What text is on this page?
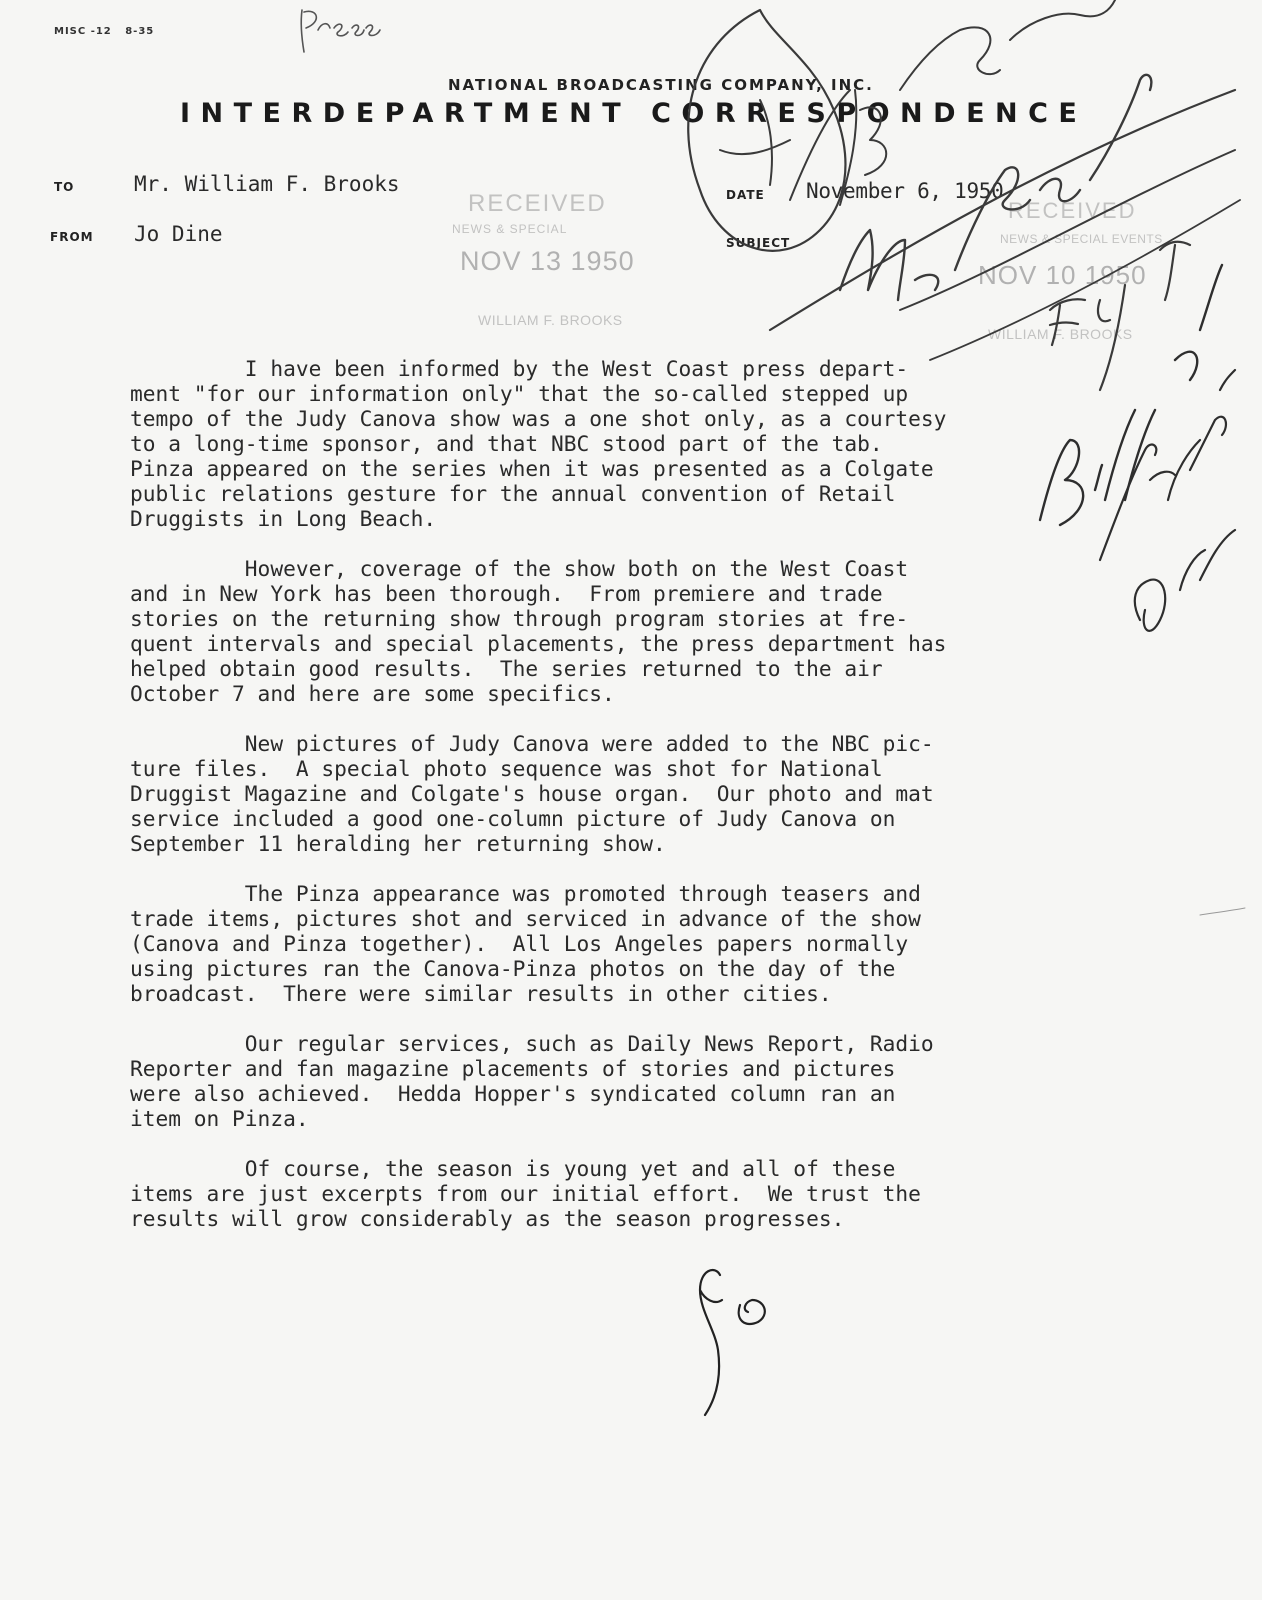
MISC -12   8-35
NATIONAL BROADCASTING COMPANY, INC.
INTERDEPARTMENT CORRESPONDENCE
TO	Mr. William F. Brooks
FROM Jo Dine
DATE November 6, 1950
SUBJECT
RECEIVED
NEWS & SPECIAL
NOV 13 1950
WILLIAM F. BROOKS
RECEIVED
NEWS & SPECIAL EVENTS
NOV 10 1950
WILLIAM F. BROOKS

I have been informed by the West Coast press depart-
ment "for our information only" that the so-called stepped up
tempo of the Judy Canova show was a one shot only, as a courtesy
to a long-time sponsor, and that NBC stood part of the tab.
Pinza appeared on the series when it was presented as a Colgate
public relations gesture for the annual convention of Retail
Druggists in Long Beach.

However, coverage of the show both on the West Coast
and in New York has been thorough.  From premiere and trade
stories on the returning show through program stories at fre-
quent intervals and special placements, the press department has
helped obtain good results.  The series returned to the air
October 7 and here are some specifics.

New pictures of Judy Canova were added to the NBC pic-
ture files.  A special photo sequence was shot for National
Druggist Magazine and Colgate's house organ.  Our photo and mat
service included a good one-column picture of Judy Canova on
September 11 heralding her returning show.

The Pinza appearance was promoted through teasers and
trade items, pictures shot and serviced in advance of the show
(Canova and Pinza together).  All Los Angeles papers normally
using pictures ran the Canova-Pinza photos on the day of the
broadcast.  There were similar results in other cities.

Our regular services, such as Daily News Report, Radio
Reporter and fan magazine placements of stories and pictures
were also achieved.  Hedda Hopper's syndicated column ran an
item on Pinza.

Of course, the season is young yet and all of these
items are just excerpts from our initial effort.  We trust the
results will grow considerably as the season progresses.
